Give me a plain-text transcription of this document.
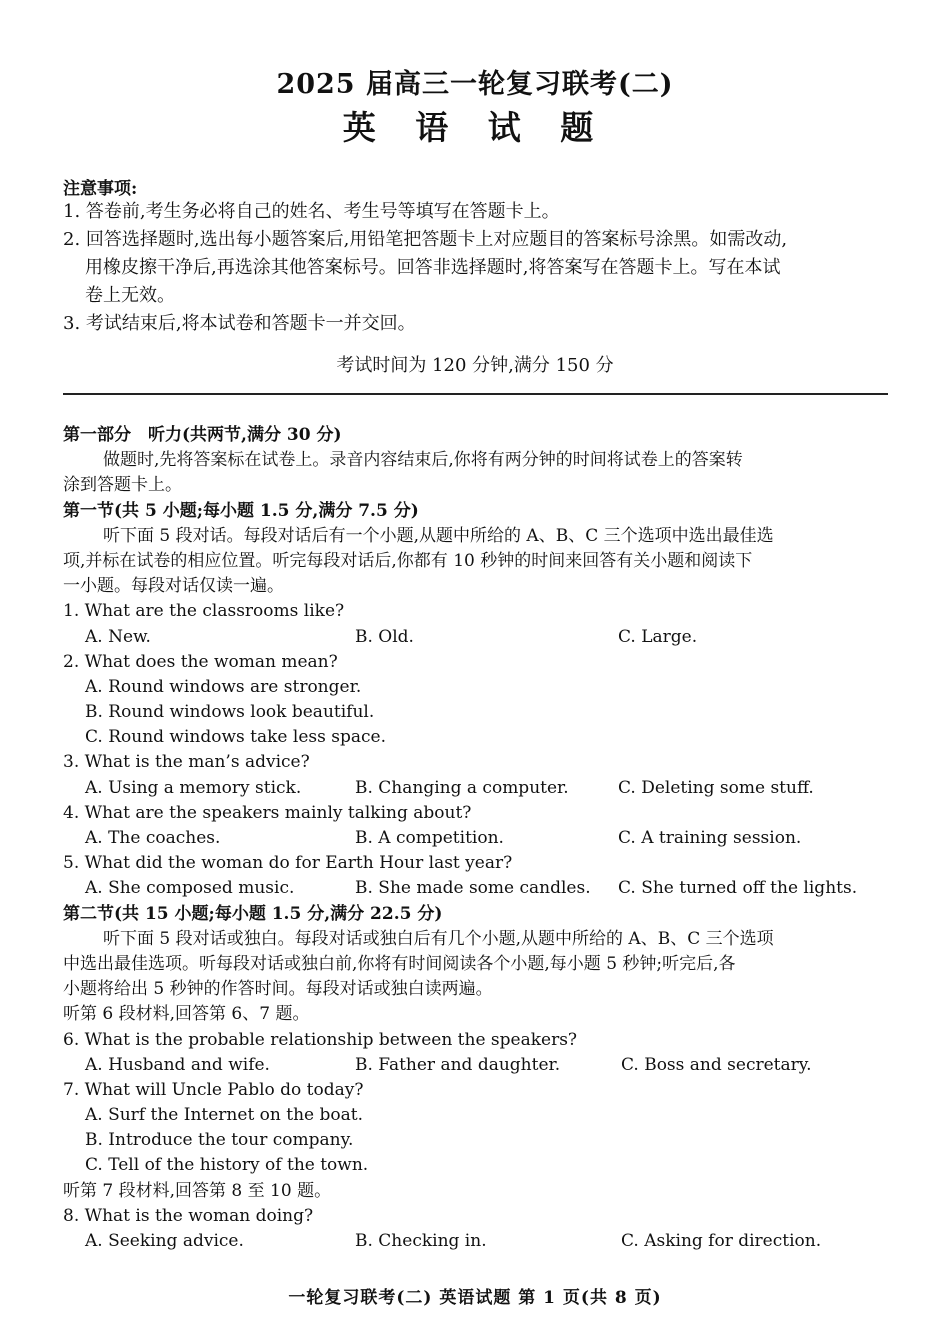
2025 届高三一轮复习联考(二)
英 语 试 题
注意事项:
1. 答卷前,考生务必将自己的姓名、考生号等填写在答题卡上。
2. 回答选择题时,选出每小题答案后,用铅笔把答题卡上对应题目的答案标号涂黑。如需改动,
用橡皮擦干净后,再选涂其他答案标号。回答非选择题时,将答案写在答题卡上。写在本试
卷上无效。
3. 考试结束后,将本试卷和答题卡一并交回。
考试时间为 120 分钟,满分 150 分
第一部分　听力(共两节,满分 30 分)
做题时,先将答案标在试卷上。录音内容结束后,你将有两分钟的时间将试卷上的答案转
涂到答题卡上。
第一节(共 5 小题;每小题 1.5 分,满分 7.5 分)
听下面 5 段对话。每段对话后有一个小题,从题中所给的 A、B、C 三个选项中选出最佳选
项,并标在试卷的相应位置。听完每段对话后,你都有 10 秒钟的时间来回答有关小题和阅读下
一小题。每段对话仅读一遍。
1. What are the classrooms like?
A. New.	B. Old.	C. Large.
2. What does the woman mean?
A. Round windows are stronger.
B. Round windows look beautiful.
C. Round windows take less space.
3. What is the man’s advice?
A. Using a memory stick.	B. Changing a computer.	C. Deleting some stuff.
4. What are the speakers mainly talking about?
A. The coaches.	B. A competition.	C. A training session.
5. What did the woman do for Earth Hour last year?
A. She composed music.	B. She made some candles. C. She turned off the lights.
第二节(共 15 小题;每小题 1.5 分,满分 22.5 分)
听下面 5 段对话或独白。每段对话或独白后有几个小题,从题中所给的 A、B、C 三个选项
中选出最佳选项。听每段对话或独白前,你将有时间阅读各个小题,每小题 5 秒钟;听完后,各
小题将给出 5 秒钟的作答时间。每段对话或独白读两遍。
听第 6 段材料,回答第 6、7 题。
6. What is the probable relationship between the speakers?
A. Husband and wife.	B. Father and daughter.	C. Boss and secretary.
7. What will Uncle Pablo do today?
A. Surf the Internet on the boat.
B. Introduce the tour company.
C. Tell of the history of the town.
听第 7 段材料,回答第 8 至 10 题。
8. What is the woman doing?
A. Seeking advice.	B. Checking in.	C. Asking for direction.
一轮复习联考(二) 英语试题 第 1 页(共 8 页)
